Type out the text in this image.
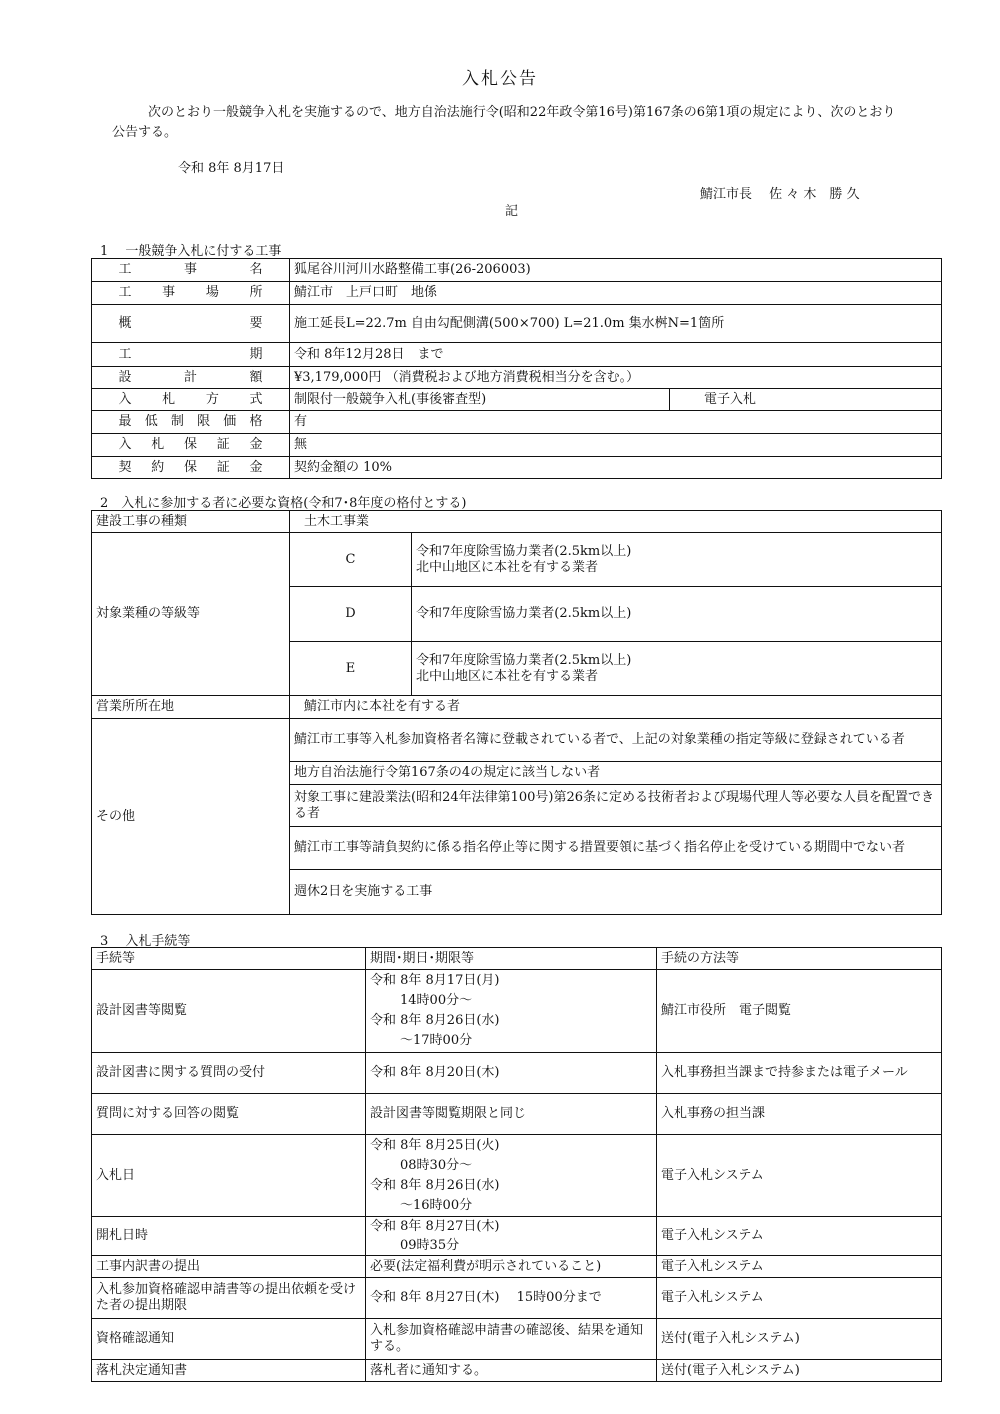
入札公告
次のとおり一般競争入札を実施するので、地方自治法施行令(昭和22年政令第16号)第167条の6第1項の規定により、次のとおり公告する。
令和 8年 8月17日
鯖江市長　 佐 々 木　勝 久
記
1　 一般競争入札に付する工事
工事名	狐尾谷川河川水路整備工事(26-206003)	
工事場所	鯖江市　上戸口町　地係	
概要	施工延長L=22.7m 自由勾配側溝(500×700) L=21.0m 集水桝N=1箇所	
工期	令和 8年12月28日　まで	
設計額	¥3,179,000円 （消費税および地方消費税相当分を含む。）	
入札方式	制限付一般競争入札(事後審査型)	電子入札
最低制限価格	有	
入札保証金	無	
契約保証金	契約金額の 10%	
2　入札に参加する者に必要な資格(令和7･8年度の格付とする)
建設工事の種類	土木工事業	
対象業種の等級等	C	令和7年度除雪協力業者(2.5km以上)
北中山地区に本社を有する業者

	D	令和7年度除雪協力業者(2.5km以上)

	E	令和7年度除雪協力業者(2.5km以上)
北中山地区に本社を有する業者

営業所所在地	鯖江市内に本社を有する者	
その他	鯖江市工事等入札参加資格者名簿に登載されている者で、上記の対象業種の指定等級に登録されている者	
	地方自治法施行令第167条の4の規定に該当しない者	
	対象工事に建設業法(昭和24年法律第100号)第26条に定める技術者および現場代理人等必要な人員を配置できる者	
	鯖江市工事等請負契約に係る指名停止等に関する措置要領に基づく指名停止を受けている期間中でない者	
	週休2日を実施する工事	
3　 入札手続等
手続等	期間･期日･期限等	手続の方法等
設計図書等閲覧	令和 8年 8月17日(月)
14時00分～
令和 8年 8月26日(水)
～17時00分	鯖江市役所　電子閲覧
設計図書に関する質問の受付	令和 8年 8月20日(木)	入札事務担当課まで持参または電子メール
質問に対する回答の閲覧	設計図書等閲覧期限と同じ	入札事務の担当課
入札日	令和 8年 8月25日(火)
08時30分～
令和 8年 8月26日(水)
～16時00分	電子入札システム
開札日時	令和 8年 8月27日(木)
09時35分	電子入札システム
工事内訳書の提出	必要(法定福利費が明示されていること)	電子入札システム
入札参加資格確認申請書等の提出依頼を受けた者の提出期限	令和 8年 8月27日(木)　 15時00分まで	電子入札システム
資格確認通知	入札参加資格確認申請書の確認後、結果を通知する。	送付(電子入札システム)
落札決定通知書	落札者に通知する。	送付(電子入札システム)
